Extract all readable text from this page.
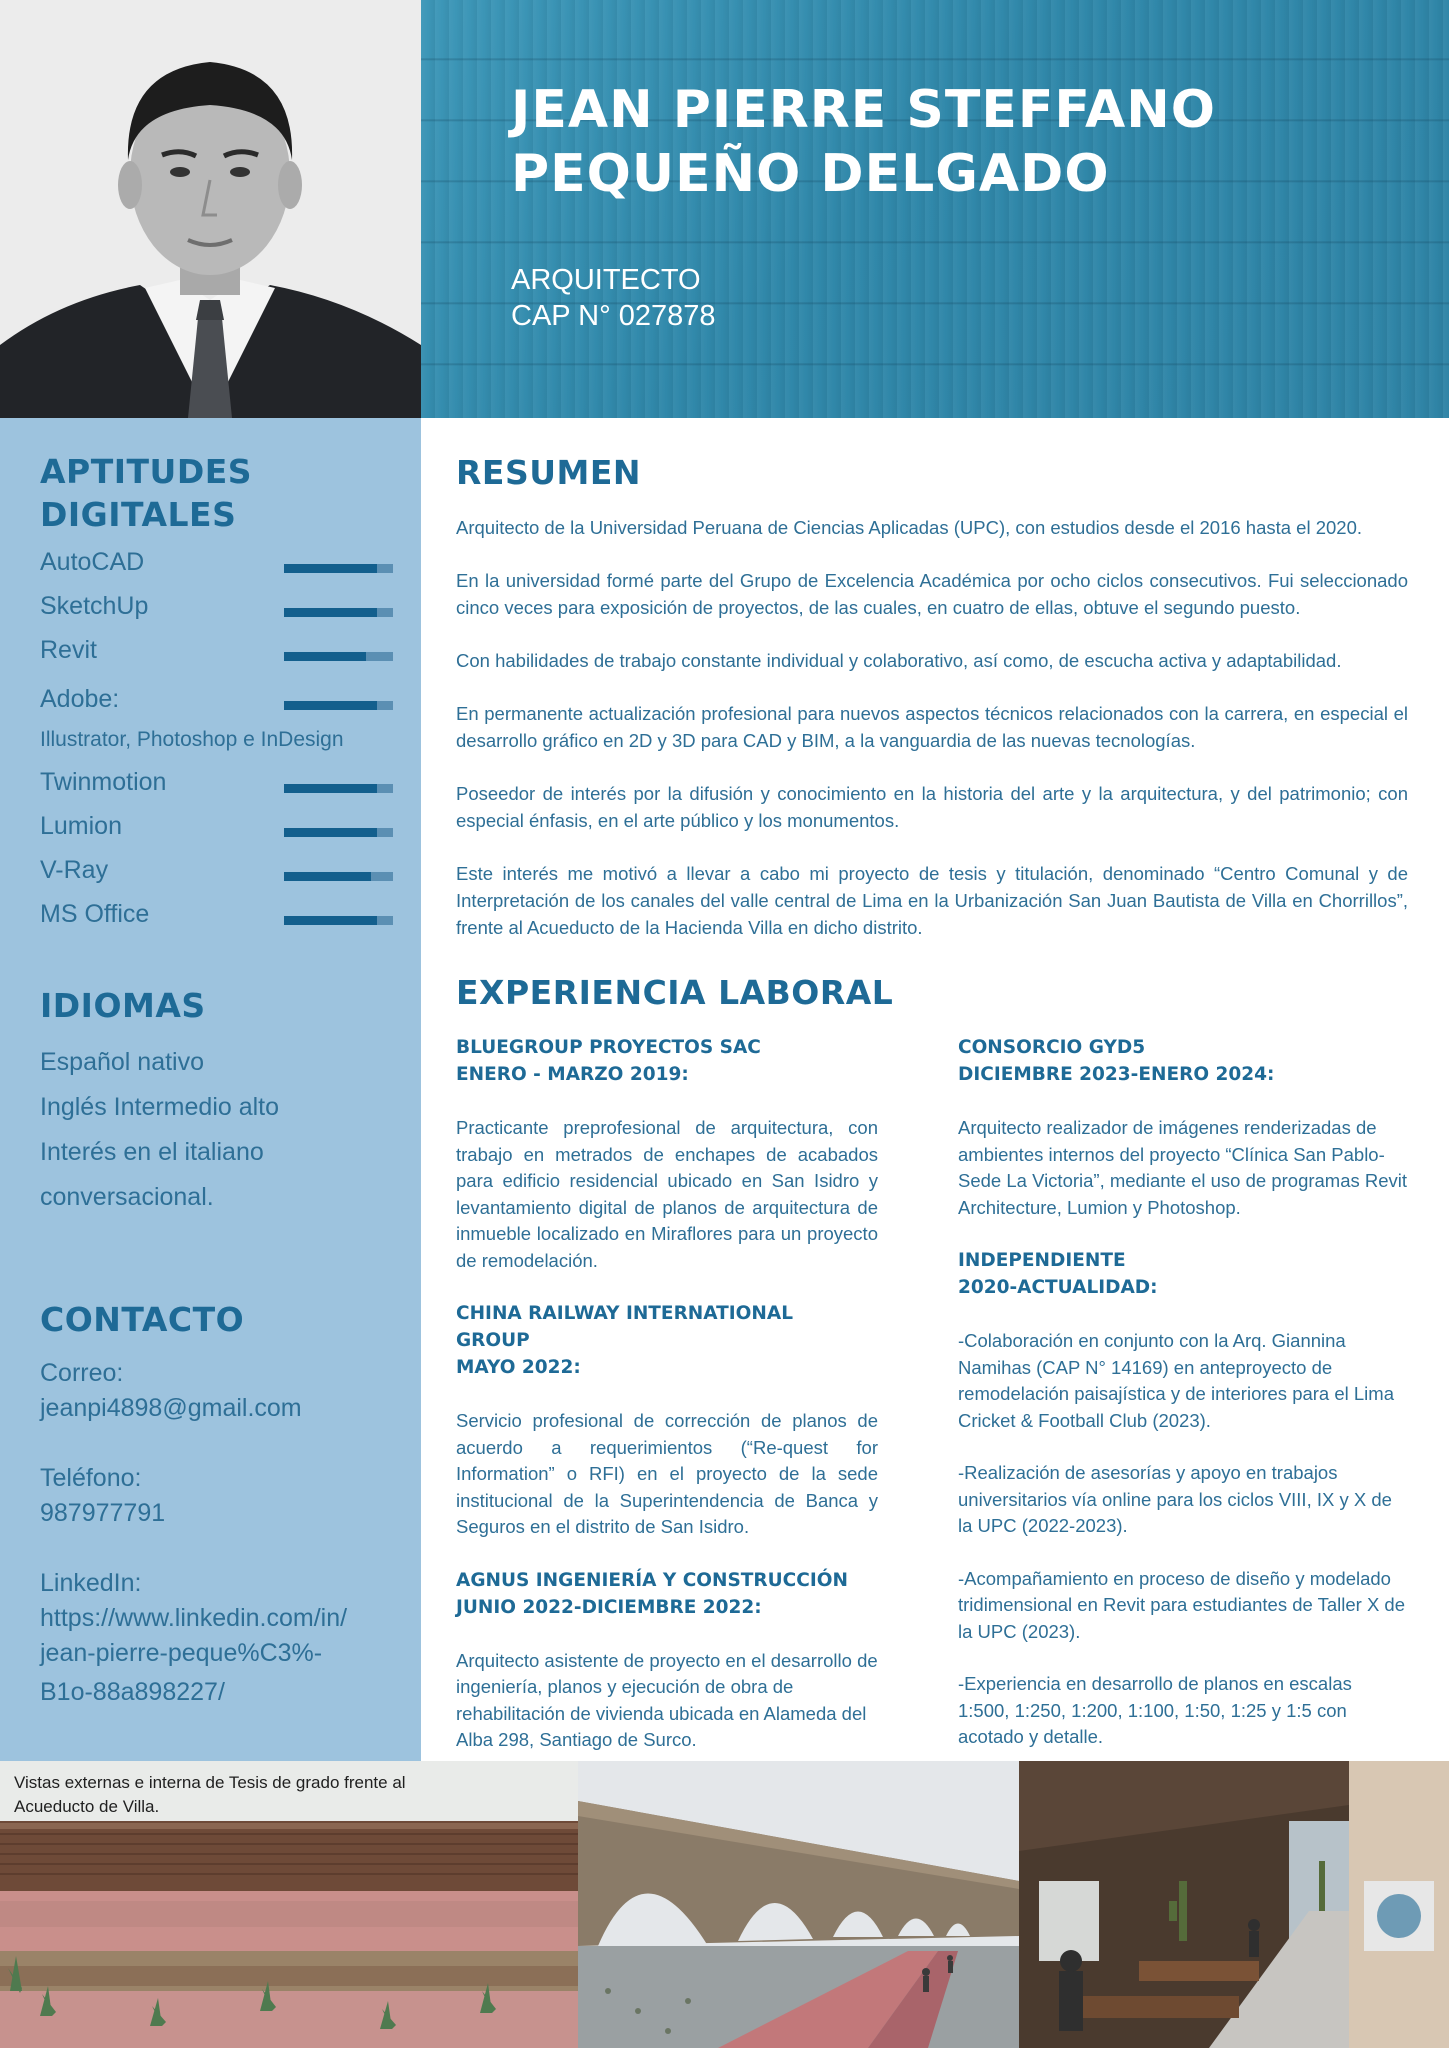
JEAN PIERRE STEFFANO
PEQUEÑO DELGADO
ARQUITECTO
CAP N° 027878
APTITUDES
DIGITALES
AutoCAD
SketchUp
Revit
Adobe:
Illustrator, Photoshop e InDesign
Twinmotion
Lumion
V-Ray
MS Office
IDIOMAS
Español nativo
Inglés Intermedio alto
Interés en el italiano
conversacional.
CONTACTO
Correo:
jeanpi4898@gmail.com
Teléfono:
987977791
LinkedIn:
https://www.linkedin.com/in/
jean-pierre-peque%C3%-
B1o-88a898227/
RESUMEN

Arquitecto de la Universidad Peruana de Ciencias Aplicadas (UPC), con estudios desde el 2016 hasta el 2020.

En la universidad formé parte del Grupo de Excelencia Académica por ocho ciclos consecutivos. Fui seleccionado cinco veces para exposición de proyectos, de las cuales, en cuatro de ellas, obtuve el segundo puesto.

Con habilidades de trabajo constante individual y colaborativo, así como, de escucha activa y adaptabilidad.

En permanente actualización profesional para nuevos aspectos técnicos relacionados con la carrera, en especial el desarrollo gráfico en 2D y 3D para CAD y BIM, a la vanguardia de las nuevas tecnologías.

Poseedor de interés por la difusión y conocimiento en la historia del arte y la arquitectura, y del patrimonio; con especial énfasis, en el arte público y los monumentos.

Este interés me motivó a llevar a cabo mi proyecto de tesis y titulación, denominado “Centro Comunal y de Interpretación de los canales del valle central de Lima en la Urbanización San Juan Bautista de Villa en Chorrillos”, frente al Acueducto de la Hacienda Villa en dicho distrito.

EXPERIENCIA LABORAL
BLUEGROUP PROYECTOS SAC
ENERO - MARZO 2019:

Practicante preprofesional de arquitectura, con trabajo en metrados de enchapes de acabados para edificio residencial ubicado en San Isidro y levantamiento digital de planos de arquitectura de inmueble localizado en Miraflores para un proyecto de remodelación.

CHINA RAILWAY INTERNATIONAL
GROUP
MAYO 2022:

Servicio profesional de corrección de planos de acuerdo a requerimientos (“Re-quest for Information” o RFI) en el proyecto de la sede institucional de la Superintendencia de Banca y Seguros en el distrito de San Isidro.

AGNUS INGENIERÍA Y CONSTRUCCIÓN
JUNIO 2022-DICIEMBRE 2022:

Arquitecto asistente de proyecto en el desarrollo de ingeniería, planos y ejecución de obra de rehabilitación de vivienda ubicada en Alameda del Alba 298, Santiago de Surco.

CONSORCIO GYD5
DICIEMBRE 2023-ENERO 2024:

Arquitecto realizador de imágenes renderizadas de ambientes internos del proyecto “Clínica San Pablo-Sede La Victoria”, mediante el uso de programas Revit Architecture, Lumion y Photoshop.

INDEPENDIENTE
2020-ACTUALIDAD:

-Colaboración en conjunto con la Arq. Giannina Namihas (CAP N° 14169) en anteproyecto de remodelación paisajística y de interiores para el Lima Cricket & Football Club (2023).

-Realización de asesorías y apoyo en trabajos universitarios vía online para los ciclos VIII, IX y X de la UPC (2022-2023).

-Acompañamiento en proceso de diseño y modelado tridimensional en Revit para estudiantes de Taller X de la UPC (2023).

-Experiencia en desarrollo de planos en escalas 1:500, 1:250, 1:200, 1:100, 1:50, 1:25 y 1:5 con acotado y detalle.

Vistas externas e interna de Tesis de grado frente al Acueducto de Villa.
